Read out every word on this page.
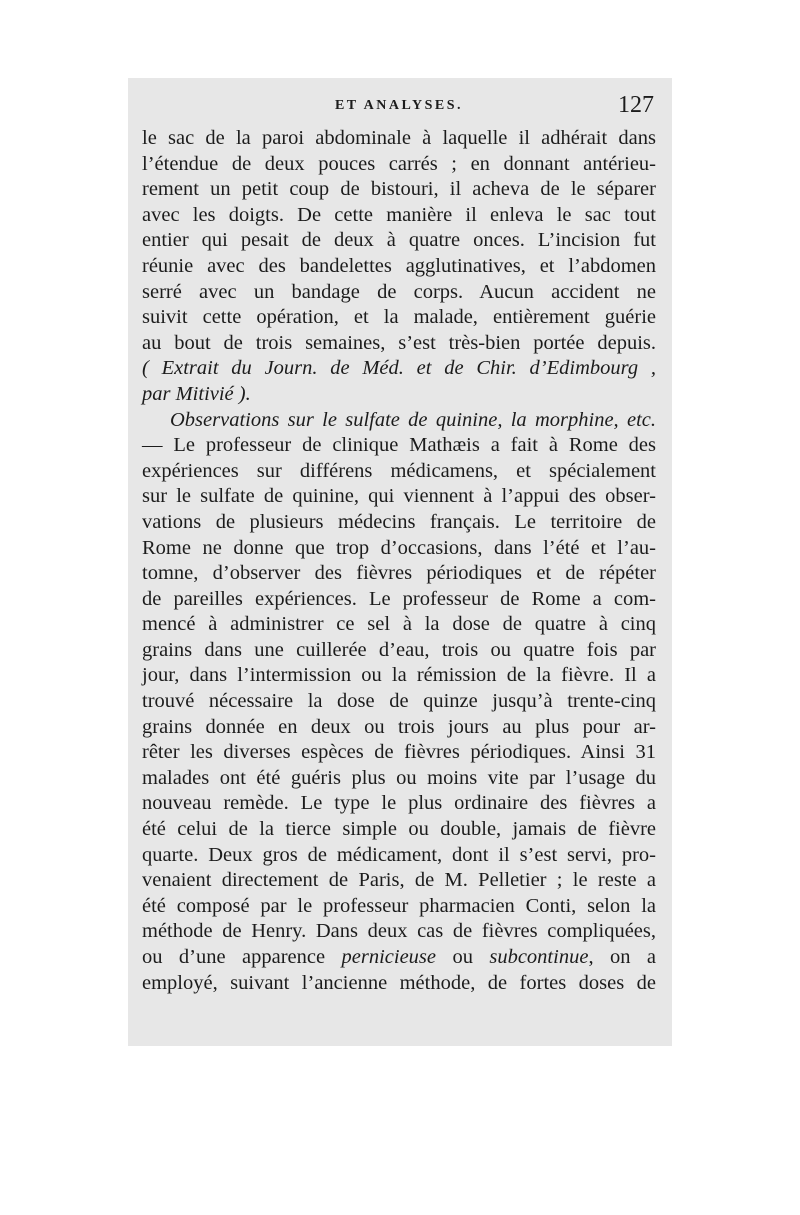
ET ANALYSES.	127
le sac de la paroi abdominale à laquelle il adhérait dans
l’étendue de deux pouces carrés ; en donnant antérieu-
rement un petit coup de bistouri, il acheva de le séparer
avec les doigts. De cette manière il enleva le sac tout
entier qui pesait de deux à quatre onces. L’incision fut
réunie avec des bandelettes agglutinatives, et l’abdomen
serré avec un bandage de corps. Aucun accident ne
suivit cette opération, et la malade, entièrement guérie
au bout de trois semaines, s’est très-bien portée depuis.
( Extrait du Journ. de Méd. et de Chir. d’Edimbourg ,
par Mitivié ).
Observations sur le sulfate de quinine, la morphine, etc.
— Le professeur de clinique Mathæis a fait à Rome des
expériences sur différens médicamens, et spécialement
sur le sulfate de quinine, qui viennent à l’appui des obser-
vations de plusieurs médecins français. Le territoire de
Rome ne donne que trop d’occasions, dans l’été et l’au-
tomne, d’observer des fièvres périodiques et de répéter
de pareilles expériences. Le professeur de Rome a com-
mencé à administrer ce sel à la dose de quatre à cinq
grains dans une cuillerée d’eau, trois ou quatre fois par
jour, dans l’intermission ou la rémission de la fièvre. Il a
trouvé nécessaire la dose de quinze jusqu’à trente-cinq
grains donnée en deux ou trois jours au plus pour ar-
rêter les diverses espèces de fièvres périodiques. Ainsi 31
malades ont été guéris plus ou moins vite par l’usage du
nouveau remède. Le type le plus ordinaire des fièvres a
été celui de la tierce simple ou double, jamais de fièvre
quarte. Deux gros de médicament, dont il s’est servi, pro-
venaient directement de Paris, de M. Pelletier ; le reste a
été composé par le professeur pharmacien Conti, selon la
méthode de Henry. Dans deux cas de fièvres compliquées,
ou d’une apparence pernicieuse ou subcontinue, on a
employé, suivant l’ancienne méthode, de fortes doses de
